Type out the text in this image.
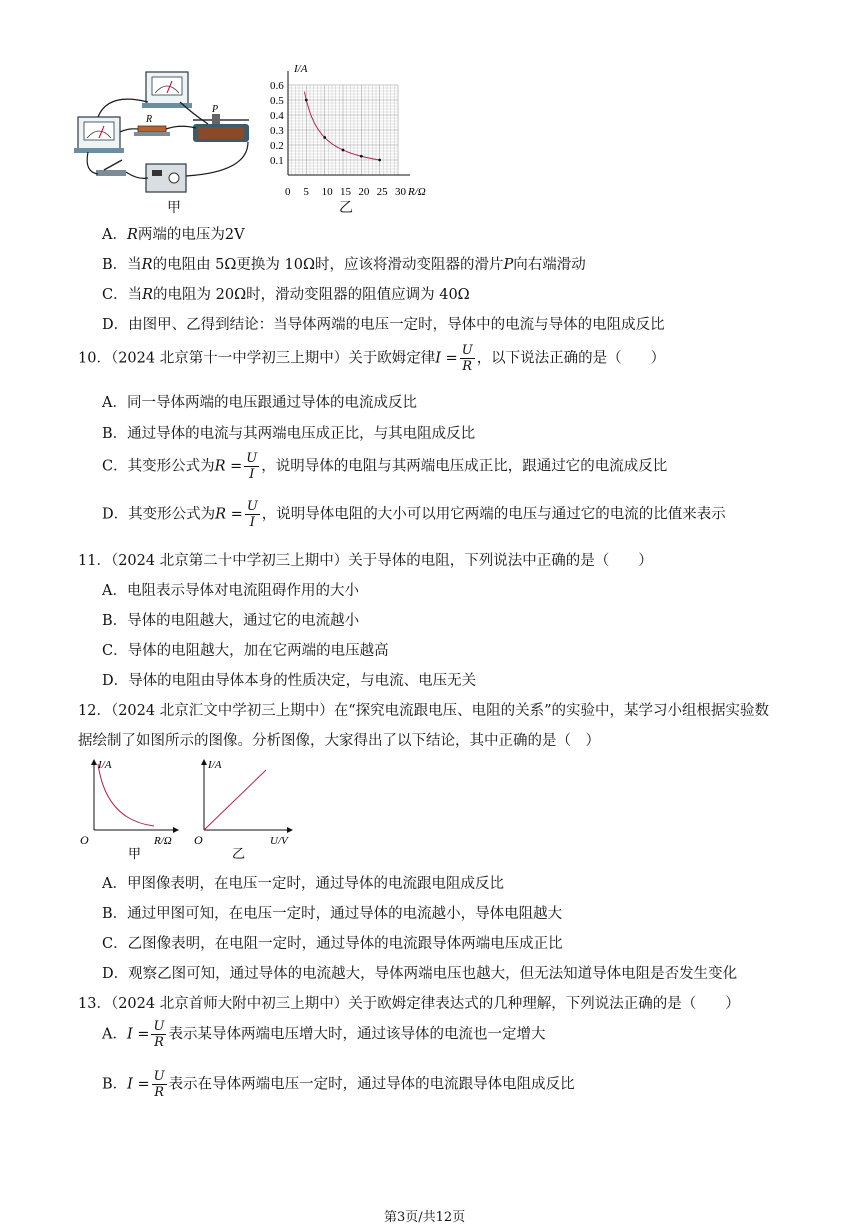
R
P
甲
0.6
0.5
0.4
0.3
0.2
0.1
0 5 10 15 20 25 30
I/A
R/Ω
乙
A．R两端的电压为2V
B．当R的电阻由 5Ω更换为 10Ω时，应该将滑动变阻器的滑片P向右端滑动
C．当R的电阻为 20Ω时，滑动变阻器的阻值应调为 40Ω
D．由图甲、乙得到结论：当导体两端的电压一定时，导体中的电流与导体的电阻成反比
10．（2024 北京第十一中学初三上期中）关于欧姆定律$I = \frac{U}{R}$ ，以下说法正确的是（　　）
A．同一导体两端的电压跟通过导体的电流成反比
B．通过导体的电流与其两端电压成正比，与其电阻成反比
C．其变形公式为$R = \frac{U}{I}$ ，说明导体的电阻与其两端电压成正比，跟通过它的电流成反比
D．其变形公式为$R = \frac{U}{I}$ ，说明导体电阻的大小可以用它两端的电压与通过它的电流的比值来表示
11．（2024 北京第二十中学初三上期中）关于导体的电阻，下列说法中正确的是（　　）
A．电阻表示导体对电流阻碍作用的大小
B．导体的电阻越大，通过它的电流越小
C．导体的电阻越大，加在它两端的电压越高
D．导体的电阻由导体本身的性质决定，与电流、电压无关
12．（2024 北京汇文中学初三上期中）在“探究电流跟电压、电阻的关系”的实验中，某学习小组根据实验数
据绘制了如图所示的图像。分析图像，大家得出了以下结论，其中正确的是（　）
I/A
O	R/Ω
甲
I/A
O	U/V
乙
A．甲图像表明，在电压一定时，通过导体的电流跟电阻成反比
B．通过甲图可知，在电压一定时，通过导体的电流越小，导体电阻越大
C．乙图像表明，在电阻一定时，通过导体的电流跟导体两端电压成正比
D．观察乙图可知，通过导体的电流越大，导体两端电压也越大，但无法知道导体电阻是否发生变化
13．（2024 北京首师大附中初三上期中）关于欧姆定律表达式的几种理解，下列说法正确的是（　　）
A．$I = \frac{U}{R}$ 表示某导体两端电压增大时，通过该导体的电流也一定增大
B．$I = \frac{U}{R}$ 表示在导体两端电压一定时，通过导体的电流跟导体电阻成反比
第3页/共12页
